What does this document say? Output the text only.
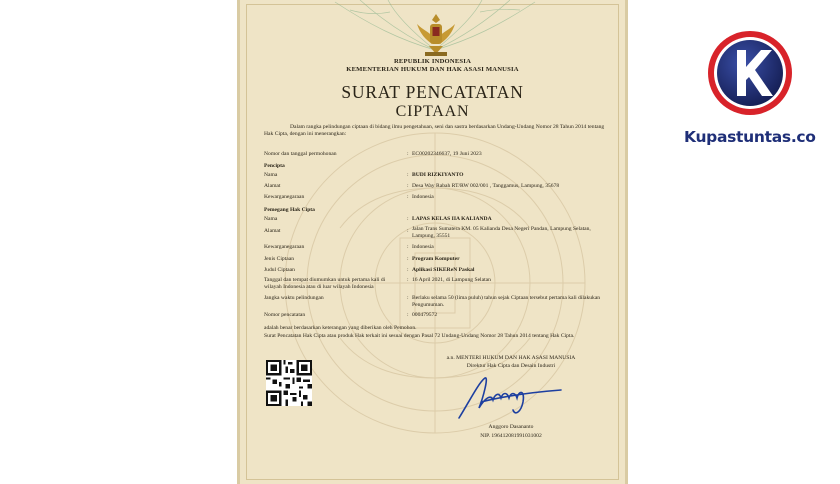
REPUBLIK INDONESIA
KEMENTERIAN HUKUM DAN HAK ASASI MANUSIA
SURAT PENCATATAN
CIPTAAN
Dalam rangka pelindungan ciptaan di bidang ilmu pengetahuan, seni dan sastra berdasarkan Undang-Undang Nomor 28 Tahun 2014 tentang Hak Cipta, dengan ini menerangkan:
Nomor dan tanggal permohonan	: EC00202346637, 19 Juni 2023
Pencipta
Nama	: BUDI RIZKIYANTO
Alamat	: Desa Way Rabah RT/RW 002/001 , Tanggamus, Lampung, 35678
Kewarganegaraan	: Indonesia
Pemegang Hak Cipta
Nama	: LAPAS KELAS IIA KALIANDA
Alamat	: Jalan Trans Sumatera KM. 05 Kalianda Desa Negeri Pandan, Lampung Selatan, Lampung, 35551
Kewarganegaraan	: Indonesia
Jenis Ciptaan	: Program Komputer
Judul Ciptaan	: Aplikasi SIKEReN Paskal
Tanggal dan tempat diumumkan untuk pertama kali di wilayah Indonesia atau di luar wilayah Indonesia
: 16 April 2021, di Lampung Selatan
Jangka waktu pelindungan	: Berlaku selama 50 (lima puluh) tahun sejak Ciptaan tersebut pertama kali dilakukan Pengumuman.
Nomor pencatatan	: 000479572
adalah benar berdasarkan keterangan yang diberikan oleh Pemohon.
Surat Pencatatan Hak Cipta atau produk Hak terkait ini sesuai dengan Pasal 72 Undang-Undang Nomor 28 Tahun 2014 tentang Hak Cipta.
a.n. MENTERI HUKUM DAN HAK ASASI MANUSIA
Direktur Hak Cipta dan Desain Industri
Anggoro Dasananto
NIP. 196412081991031002
Kupastuntas.co
